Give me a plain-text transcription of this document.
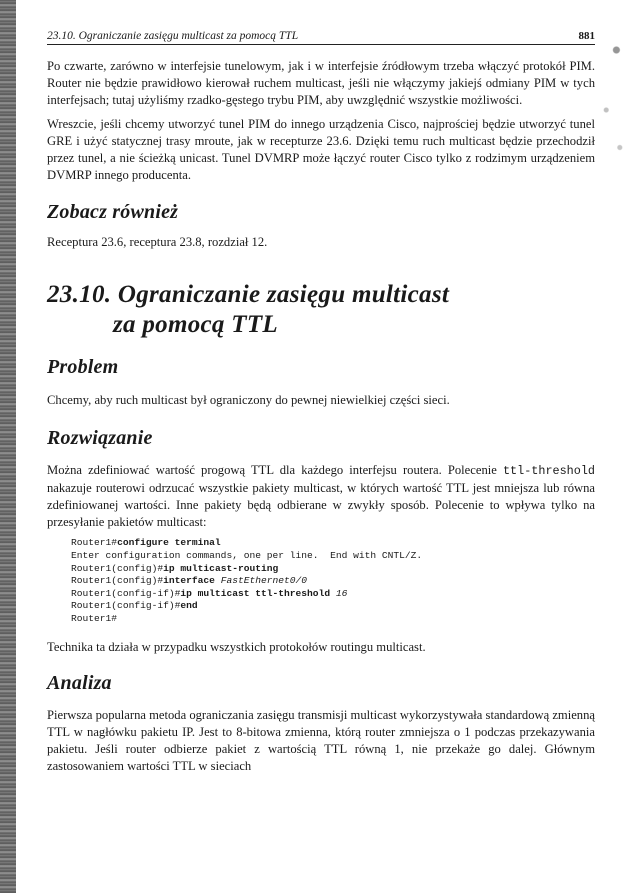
23.10. Ograniczanie zasięgu multicast za pomocą TTL	881

Po czwarte, zarówno w interfejsie tunelowym, jak i w interfejsie źródłowym trzeba włączyć protokół PIM. Router nie będzie prawidłowo kierował ruchem multicast, jeśli nie włączymy jakiejś odmiany PIM w tych interfejsach; tutaj użyliśmy rzadko-gęstego trybu PIM, aby uwzględnić wszystkie możliwości.

Wreszcie, jeśli chcemy utworzyć tunel PIM do innego urządzenia Cisco, najprościej będzie utworzyć tunel GRE i użyć statycznej trasy mroute, jak w recepturze 23.6. Dzięki temu ruch multicast będzie przechodził przez tunel, a nie ścieżką unicast. Tunel DVMRP może łączyć router Cisco tylko z rodzimym urządzeniem DVMRP innego producenta.

Zobacz również

Receptura 23.6, receptura 23.8, rozdział 12.

23.10. Ograniczanie zasięgu multicast
za pomocą TTL
Problem

Chcemy, aby ruch multicast był ograniczony do pewnej niewielkiej części sieci.

Rozwiązanie

Można zdefiniować wartość progową TTL dla każdego interfejsu routera. Polecenie ttl-threshold nakazuje routerowi odrzucać wszystkie pakiety multicast, w których wartość TTL jest mniejsza lub równa zdefiniowanej wartości. Inne pakiety będą odbierane w zwykły sposób. Polecenie to wpływa tylko na przesyłanie pakietów multicast:

Router1#configure terminal
Enter configuration commands, one per line.  End with CNTL/Z.
Router1(config)#ip multicast-routing
Router1(config)#interface FastEthernet0/0
Router1(config-if)#ip multicast ttl-threshold 16
Router1(config-if)#end
Router1#

Technika ta działa w przypadku wszystkich protokołów routingu multicast.

Analiza

Pierwsza popularna metoda ograniczania zasięgu transmisji multicast wykorzystywała standardową zmienną TTL w nagłówku pakietu IP. Jest to 8-bitowa zmienna, którą router zmniejsza o 1 podczas przekazywania pakietu. Jeśli router odbierze pakiet z wartością TTL równą 1, nie przekaże go dalej. Głównym zastosowaniem wartości TTL w sieciach
